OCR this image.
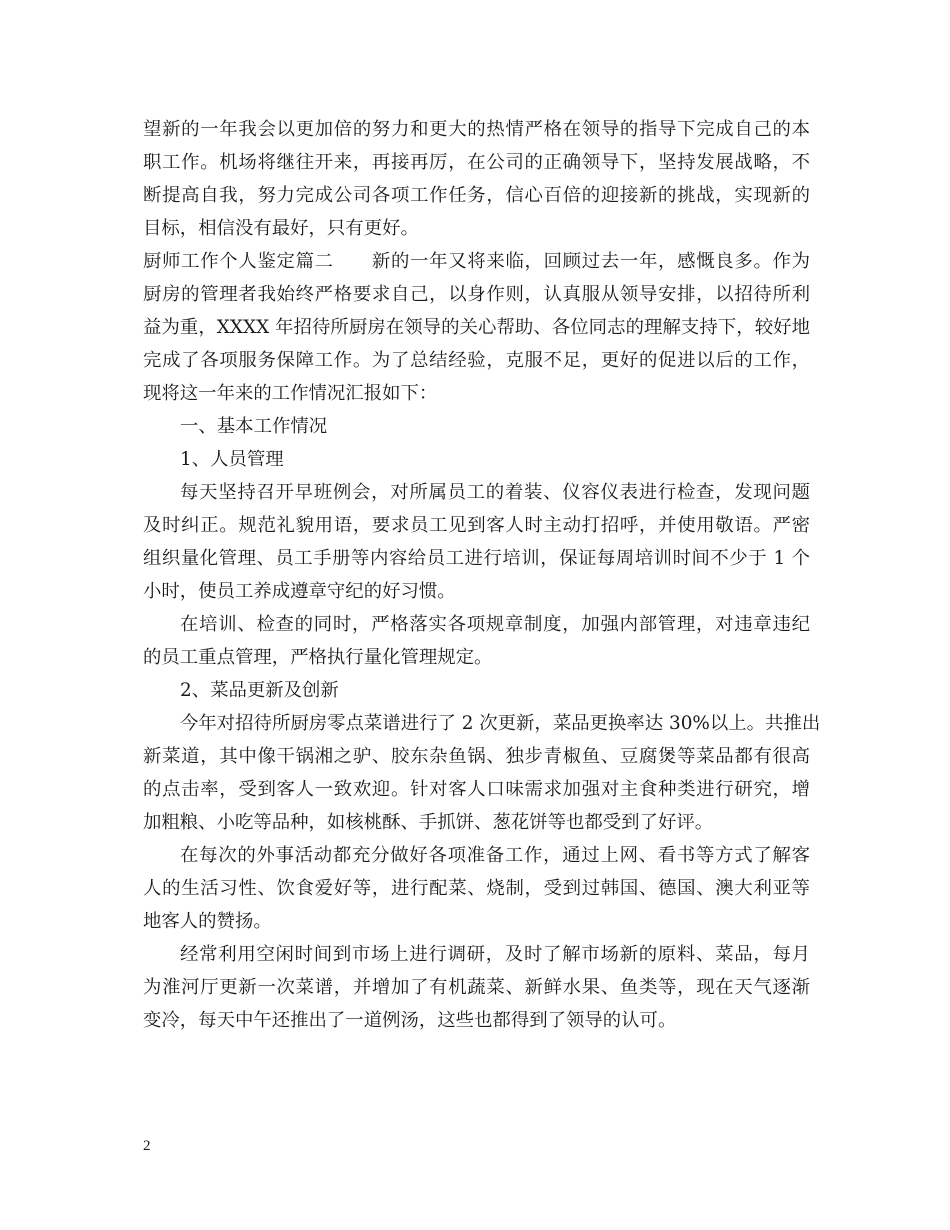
望新的一年我会以更加倍的努力和更大的热情严格在领导的指导下完成自己的本
职工作。机场将继往开来，再接再厉，在公司的正确领导下，坚持发展战略，不
断提高自我，努力完成公司各项工作任务，信心百倍的迎接新的挑战，实现新的
目标，相信没有最好，只有更好。
厨师工作个人鉴定篇二　　新的一年又将来临，回顾过去一年，感慨良多。作为
厨房的管理者我始终严格要求自己，以身作则，认真服从领导安排，以招待所利
益为重，XXXX 年招待所厨房在领导的关心帮助、各位同志的理解支持下，较好地
完成了各项服务保障工作。为了总结经验，克服不足，更好的促进以后的工作，
现将这一年来的工作情况汇报如下：
一、基本工作情况
1、人员管理
每天坚持召开早班例会，对所属员工的着装、仪容仪表进行检查，发现问题
及时纠正。规范礼貌用语，要求员工见到客人时主动打招呼，并使用敬语。严密
组织量化管理、员工手册等内容给员工进行培训，保证每周培训时间不少于 1 个
小时，使员工养成遵章守纪的好习惯。
在培训、检查的同时，严格落实各项规章制度，加强内部管理，对违章违纪
的员工重点管理，严格执行量化管理规定。
2、菜品更新及创新
今年对招待所厨房零点菜谱进行了 2 次更新，菜品更换率达 30%以上。共推出
新菜道，其中像干锅湘之驴、胶东杂鱼锅、独步青椒鱼、豆腐煲等菜品都有很高
的点击率，受到客人一致欢迎。针对客人口味需求加强对主食种类进行研究，增
加粗粮、小吃等品种，如核桃酥、手抓饼、葱花饼等也都受到了好评。
在每次的外事活动都充分做好各项准备工作，通过上网、看书等方式了解客
人的生活习性、饮食爱好等，进行配菜、烧制，受到过韩国、德国、澳大利亚等
地客人的赞扬。
经常利用空闲时间到市场上进行调研，及时了解市场新的原料、菜品，每月
为淮河厅更新一次菜谱，并增加了有机蔬菜、新鲜水果、鱼类等，现在天气逐渐
变冷，每天中午还推出了一道例汤，这些也都得到了领导的认可。
2
